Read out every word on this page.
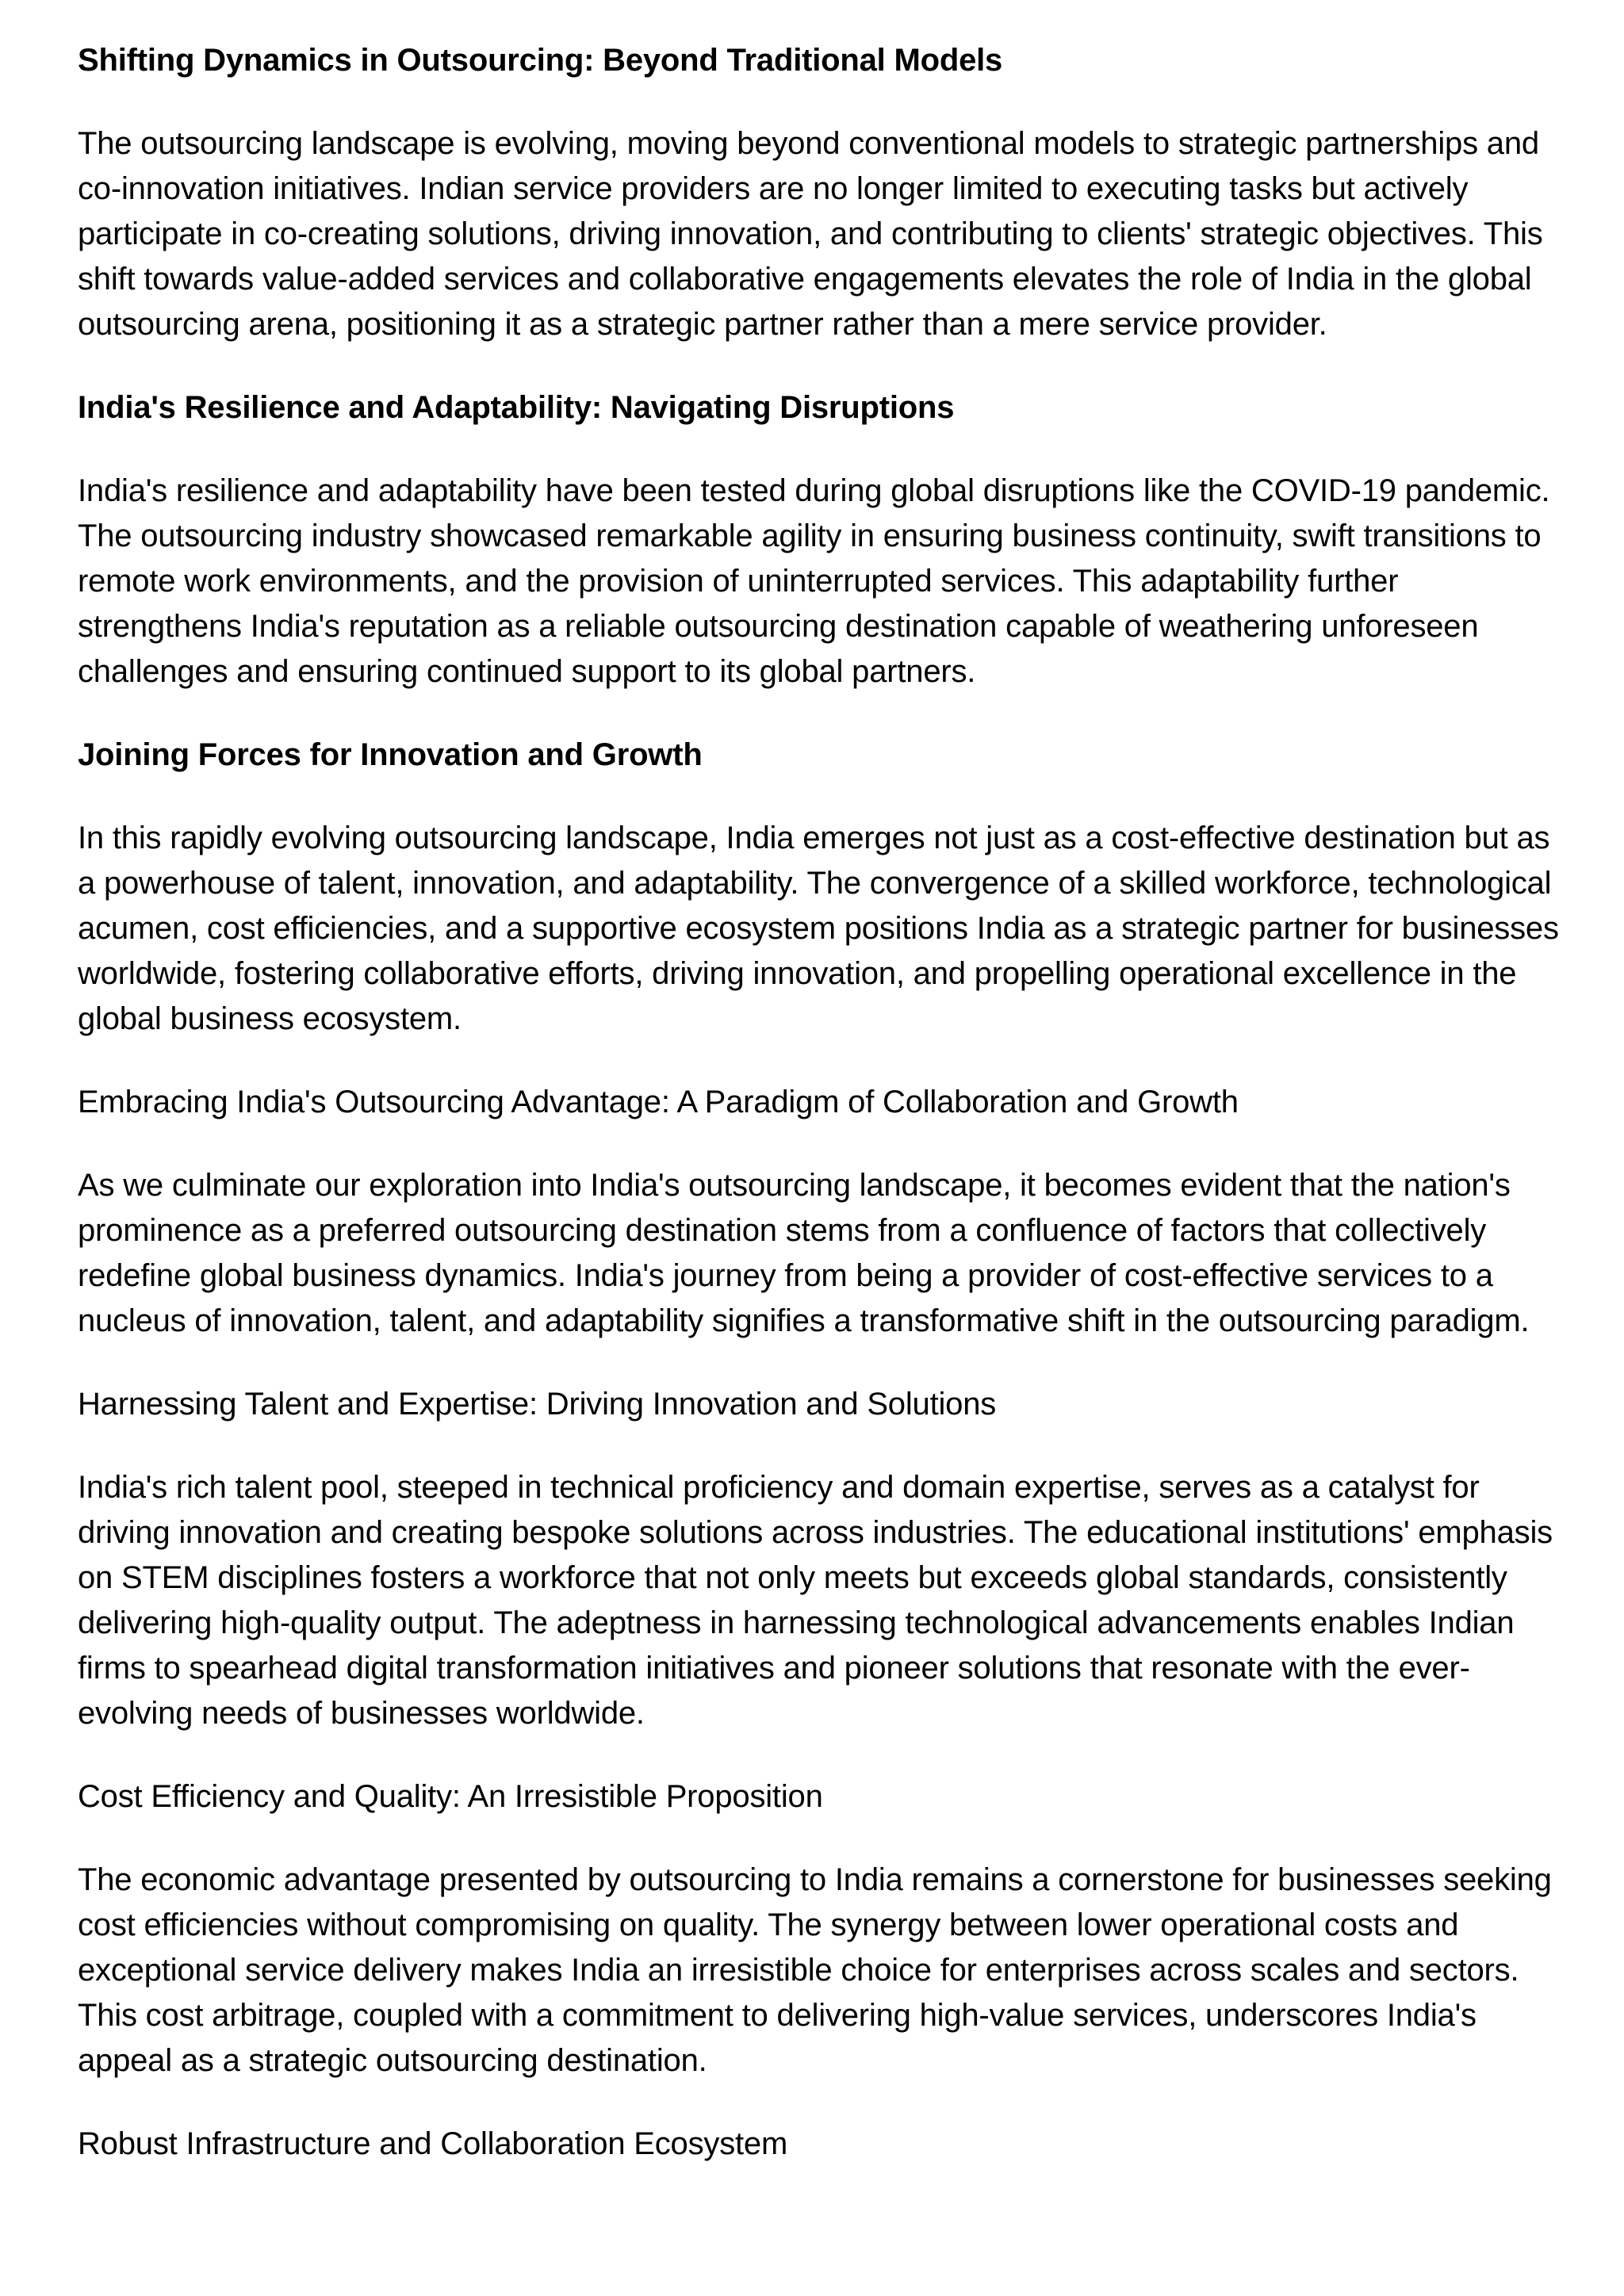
Shifting Dynamics in Outsourcing: Beyond Traditional Models
The outsourcing landscape is evolving, moving beyond conventional models to strategic partnerships and co-innovation initiatives. Indian service providers are no longer limited to executing tasks but actively participate in co-creating solutions, driving innovation, and contributing to clients' strategic objectives. This shift towards value-added services and collaborative engagements elevates the role of India in the global outsourcing arena, positioning it as a strategic partner rather than a mere service provider.
India's Resilience and Adaptability: Navigating Disruptions
India's resilience and adaptability have been tested during global disruptions like the COVID-19 pandemic. The outsourcing industry showcased remarkable agility in ensuring business continuity, swift transitions to remote work environments, and the provision of uninterrupted services. This adaptability further strengthens India's reputation as a reliable outsourcing destination capable of weathering unforeseen challenges and ensuring continued support to its global partners.
Joining Forces for Innovation and Growth
In this rapidly evolving outsourcing landscape, India emerges not just as a cost-effective destination but as a powerhouse of talent, innovation, and adaptability. The convergence of a skilled workforce, technological acumen, cost efficiencies, and a supportive ecosystem positions India as a strategic partner for businesses worldwide, fostering collaborative efforts, driving innovation, and propelling operational excellence in the global business ecosystem.
Embracing India's Outsourcing Advantage: A Paradigm of Collaboration and Growth
As we culminate our exploration into India's outsourcing landscape, it becomes evident that the nation's prominence as a preferred outsourcing destination stems from a confluence of factors that collectively redefine global business dynamics. India's journey from being a provider of cost-effective services to a nucleus of innovation, talent, and adaptability signifies a transformative shift in the outsourcing paradigm.
Harnessing Talent and Expertise: Driving Innovation and Solutions
India's rich talent pool, steeped in technical proficiency and domain expertise, serves as a catalyst for driving innovation and creating bespoke solutions across industries. The educational institutions' emphasis on STEM disciplines fosters a workforce that not only meets but exceeds global standards, consistently delivering high-quality output. The adeptness in harnessing technological advancements enables Indian firms to spearhead digital transformation initiatives and pioneer solutions that resonate with the ever-evolving needs of businesses worldwide.
Cost Efficiency and Quality: An Irresistible Proposition
The economic advantage presented by outsourcing to India remains a cornerstone for businesses seeking cost efficiencies without compromising on quality. The synergy between lower operational costs and exceptional service delivery makes India an irresistible choice for enterprises across scales and sectors. This cost arbitrage, coupled with a commitment to delivering high-value services, underscores India's appeal as a strategic outsourcing destination.
Robust Infrastructure and Collaboration Ecosystem
